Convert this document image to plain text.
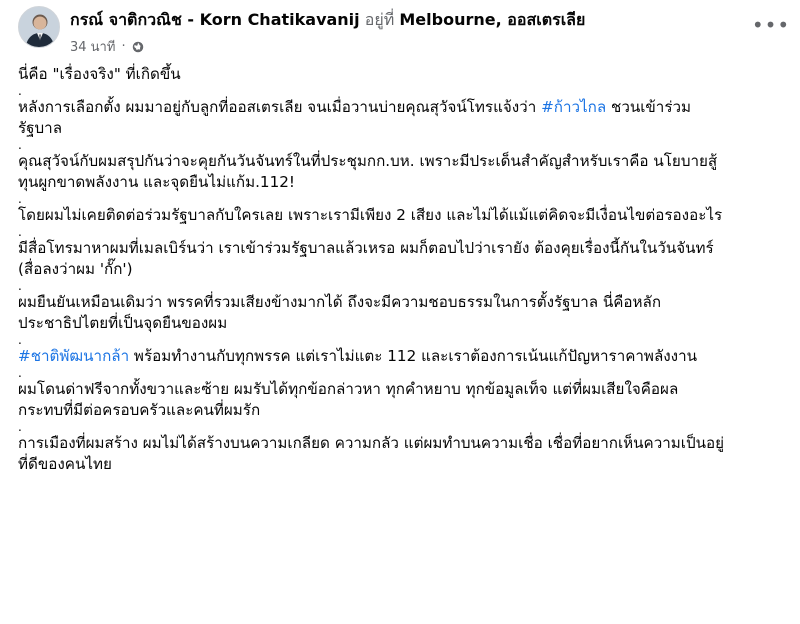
กรณ์ จาติกวณิช - Korn Chatikavanij อยู่ที่ Melbourne, ออสเตรเลีย
34 นาที ·
•••
นี่คือ "เรื่องจริง" ที่เกิดขึ้น
.
หลังการเลือกตั้ง ผมมาอยู่กับลูกที่ออสเตรเลีย จนเมื่อวานบ่ายคุณสุวัจน์โทรแจ้งว่า #ก้าวไกล ชวนเข้าร่วม
รัฐบาล
.
คุณสุวัจน์กับผมสรุปกันว่าจะคุยกันวันจันทร์ในที่ประชุมกก.บห. เพราะมีประเด็นสำคัญสำหรับเราคือ นโยบายสู้
ทุนผูกขาดพลังงาน และจุดยืนไม่แก้ม.112!
.
โดยผมไม่เคยติดต่อร่วมรัฐบาลกับใครเลย เพราะเรามีเพียง 2 เสียง และไม่ได้แม้แต่คิดจะมีเงื่อนไขต่อรองอะไร
.
มีสื่อโทรมาหาผมที่เมลเบิร์นว่า เราเข้าร่วมรัฐบาลแล้วเหรอ ผมก็ตอบไปว่าเรายัง ต้องคุยเรื่องนี้กันในวันจันทร์
(สื่อลงว่าผม 'กั๊ก')
.
ผมยืนยันเหมือนเดิมว่า พรรคที่รวมเสียงข้างมากได้ ถึงจะมีความชอบธรรมในการตั้งรัฐบาล นี่คือหลัก
ประชาธิปไตยที่เป็นจุดยืนของผม
.
#ชาติพัฒนากล้า พร้อมทำงานกับทุกพรรค แต่เราไม่แตะ 112 และเราต้องการเน้นแก้ปัญหาราคาพลังงาน
.
ผมโดนด่าฟรีจากทั้งขวาและซ้าย ผมรับได้ทุกข้อกล่าวหา ทุกคำหยาบ ทุกข้อมูลเท็จ แต่ที่ผมเสียใจคือผล
กระทบที่มีต่อครอบครัวและคนที่ผมรัก
.
การเมืองที่ผมสร้าง ผมไม่ได้สร้างบนความเกลียด ความกลัว แต่ผมทำบนความเชื่อ เชื่อที่อยากเห็นความเป็นอยู่
ที่ดีของคนไทย
